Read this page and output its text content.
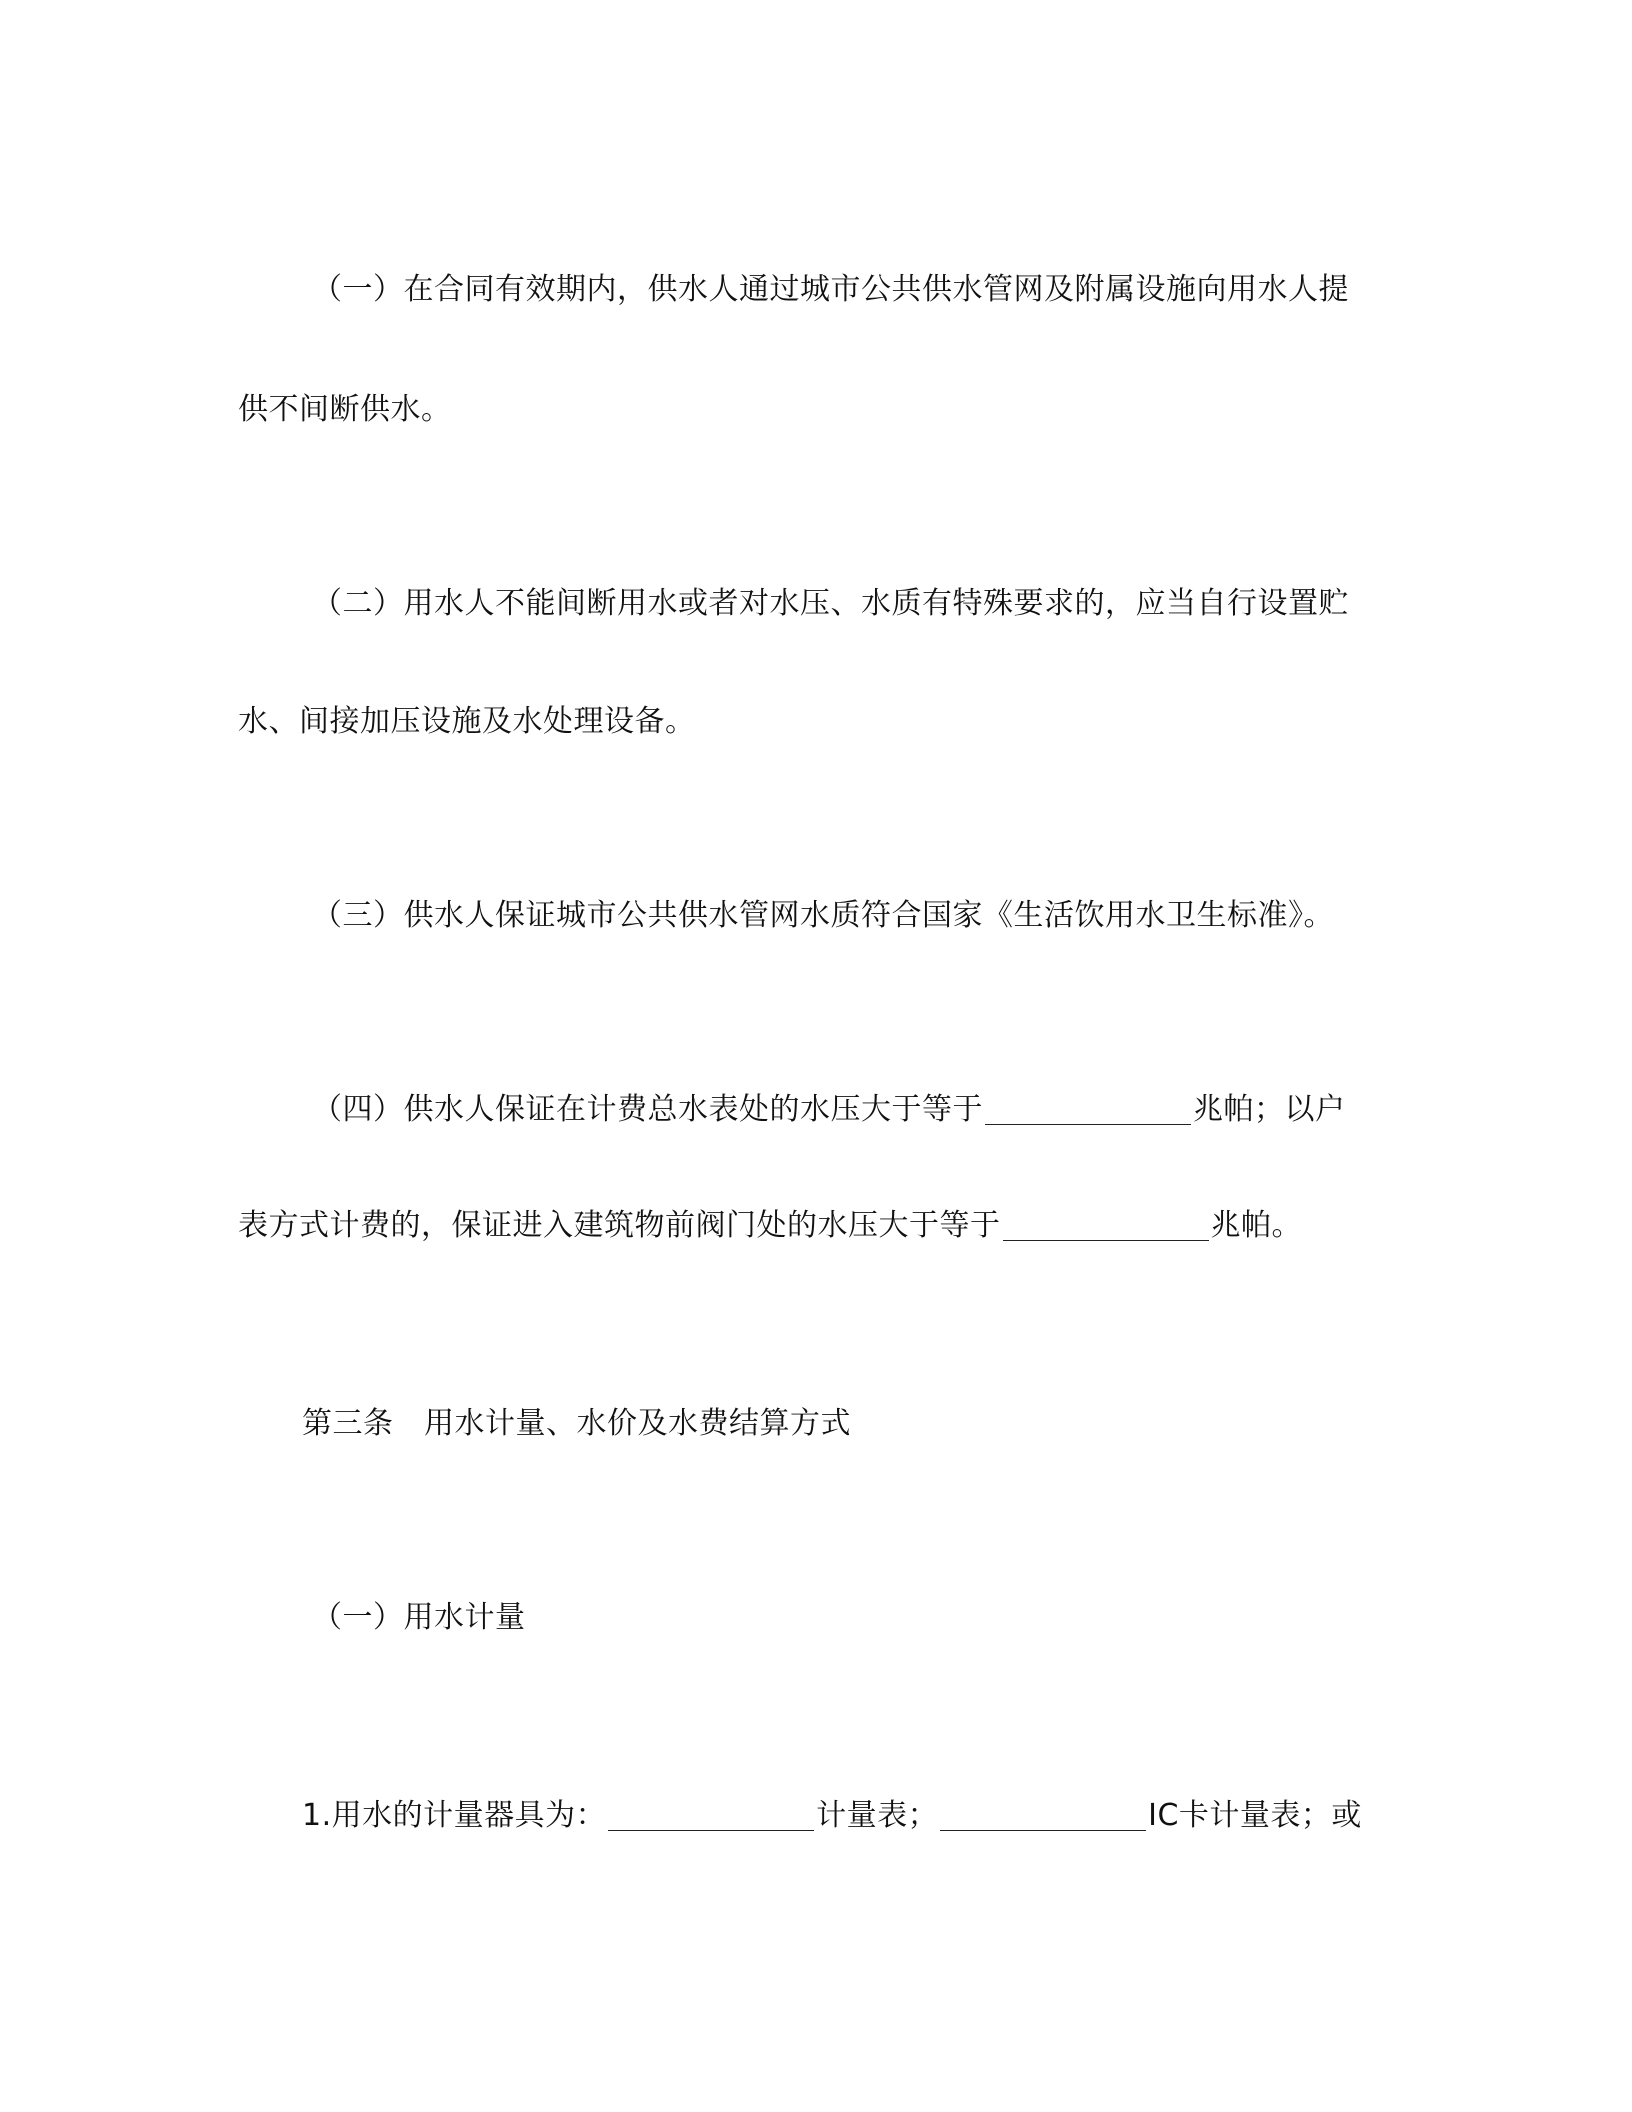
（一）在合同有效期内，供水人通过城市公共供水管网及附属设施向用水人提
供不间断供水。
（二）用水人不能间断用水或者对水压、水质有特殊要求的，应当自行设置贮
水、间接加压设施及水处理设备。
（三）供水人保证城市公共供水管网水质符合国家《生活饮用水卫生标准》。
（四）供水人保证在计费总水表处的水压大于等于	兆帕；以户
表方式计费的，保证进入建筑物前阀门处的水压大于等于	兆帕。
第三条　用水计量、水价及水费结算方式
（一）用水计量
1.用水的计量器具为：	计量表；	IC卡计量表；或
